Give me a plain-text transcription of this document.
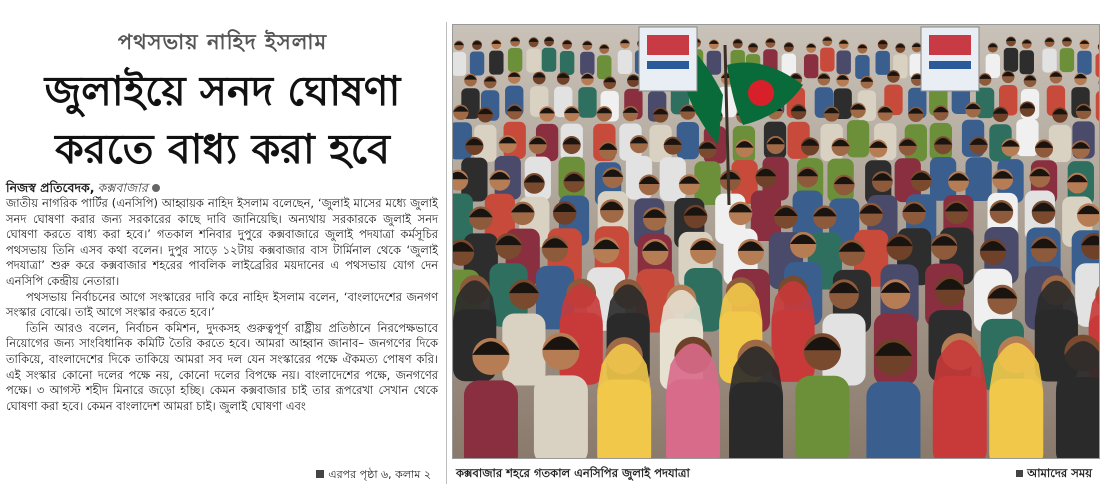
পথসভায় নাহিদ ইসলাম
জুলাইয়ে সনদ ঘোষণা
করতে বাধ্য করা হবে
নিজস্ব প্রতিবেদক, কক্সবাজার

জাতীয় নাগরিক পার্টির (এনসিপি) আহ্বায়ক নাহিদ ইসলাম বলেছেন, ‘জুলাই মাসের মধ্যে জুলাই সনদ ঘোষণা করার জন্য সরকারের কাছে দাবি জানিয়েছি। অন্যথায় সরকারকে জুলাই সনদ ঘোষণা করতে বাধ্য করা হবে।’ গতকাল শনিবার দুপুরে কক্সবাজারে জুলাই পদযাত্রা কর্মসূচির পথসভায় তিনি এসব কথা বলেন। দুপুর সাড়ে ১২টায় কক্সবাজার বাস টার্মিনাল থেকে ‘জুলাই পদযাত্রা’ শুরু করে কক্সবাজার শহরের পাবলিক লাইব্রেরির ময়দানের এ পথসভায় যোগ দেন এনসিপি কেন্দ্রীয় নেতারা।

পথসভায় নির্বাচনের আগে সংস্কারের দাবি করে নাহিদ ইসলাম বলেন, ‘বাংলাদেশের জনগণ সংস্কার বোঝে। তাই আগে সংস্কার করতে হবে।’

তিনি আরও বলেন, নির্বাচন কমিশন, দুদকসহ গুরুত্বপূর্ণ রাষ্ট্রীয় প্রতিষ্ঠানে নিরপেক্ষভাবে নিয়োগের জন্য সাংবিধানিক কমিটি তৈরি করতে হবে। আমরা আহ্বান জানাব– জনগণের দিকে তাকিয়ে, বাংলাদেশের দিকে তাকিয়ে আমরা সব দল যেন সংস্কারের পক্ষে ঐকমত্য পোষণ করি। এই সংস্কার কোনো দলের পক্ষে নয়, কোনো দলের বিপক্ষে নয়। বাংলাদেশের পক্ষে, জনগণের পক্ষে। ৩ আগস্ট শহীদ মিনারে জড়ো হচ্ছি। কেমন কক্সবাজার চাই তার রূপরেখা সেখান থেকে ঘোষণা করা হবে। কেমন বাংলাদেশ আমরা চাই। জুলাই ঘোষণা এবং

এরপর পৃষ্ঠা ৬, কলাম ২ কক্সবাজার শহরে গতকাল এনসিপির জুলাই পদযাত্রা	আমাদের সময়
